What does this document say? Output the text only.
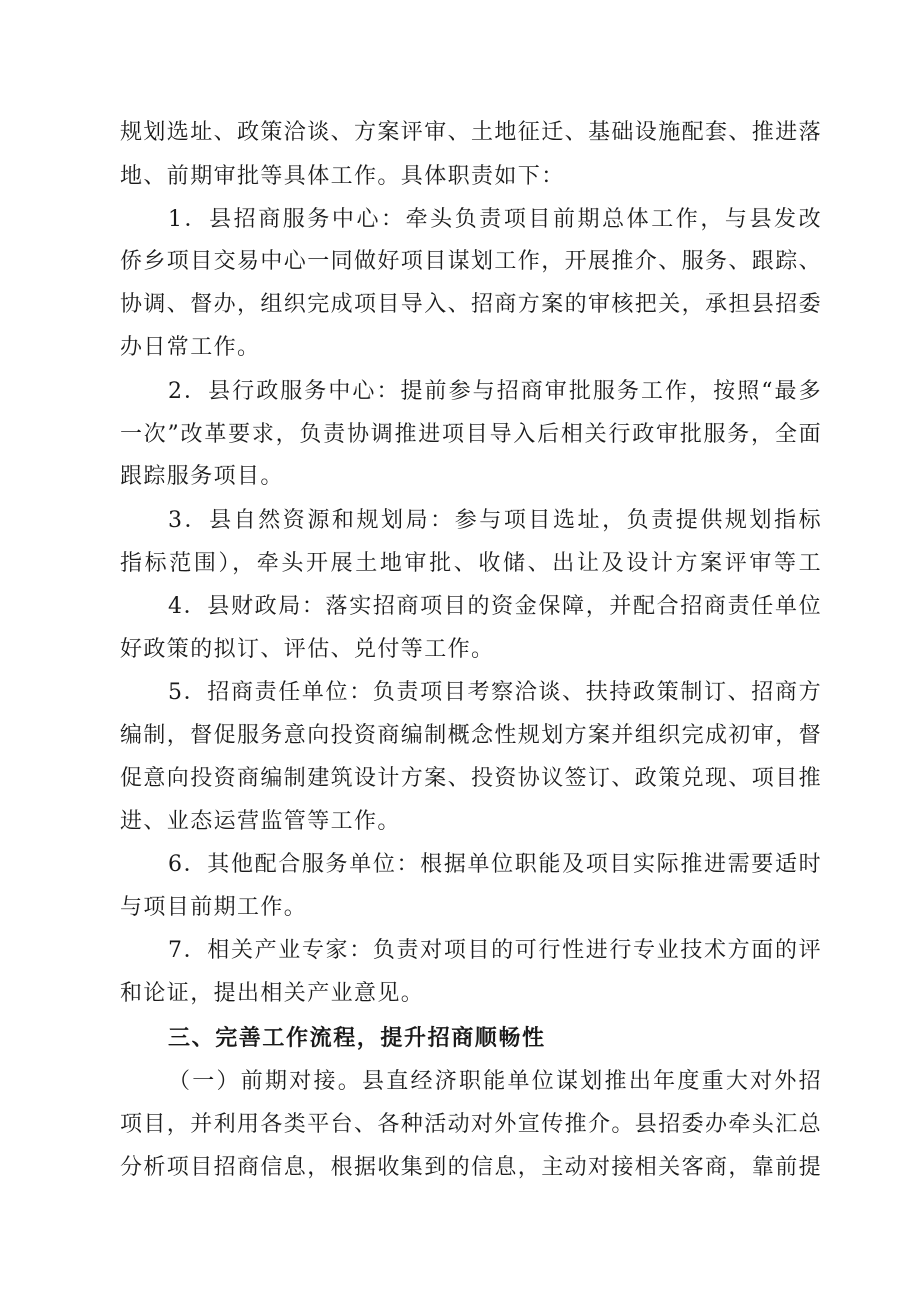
规划选址、政策洽谈、方案评审、土地征迁、基础设施配套、推进落
地、前期审批等具体工作。具体职责如下：
1．县招商服务中心：牵头负责项目前期总体工作，与县发改
侨乡项目交易中心一同做好项目谋划工作，开展推介、服务、跟踪、
协调、督办，组织完成项目导入、招商方案的审核把关，承担县招委
办日常工作。
2．县行政服务中心：提前参与招商审批服务工作，按照“最多
一次”改革要求，负责协调推进项目导入后相关行政审批服务，全面
跟踪服务项目。
3．县自然资源和规划局：参与项目选址，负责提供规划指标
指标范围），牵头开展土地审批、收储、出让及设计方案评审等工
4．县财政局：落实招商项目的资金保障，并配合招商责任单位
好政策的拟订、评估、兑付等工作。
5．招商责任单位：负责项目考察洽谈、扶持政策制订、招商方
编制，督促服务意向投资商编制概念性规划方案并组织完成初审，督
促意向投资商编制建筑设计方案、投资协议签订、政策兑现、项目推
进、业态运营监管等工作。
6．其他配合服务单位：根据单位职能及项目实际推进需要适时
与项目前期工作。
7．相关产业专家：负责对项目的可行性进行专业技术方面的评
和论证，提出相关产业意见。
三、完善工作流程，提升招商顺畅性
（一）前期对接。县直经济职能单位谋划推出年度重大对外招
项目，并利用各类平台、各种活动对外宣传推介。县招委办牵头汇总
分析项目招商信息，根据收集到的信息，主动对接相关客商，靠前提
